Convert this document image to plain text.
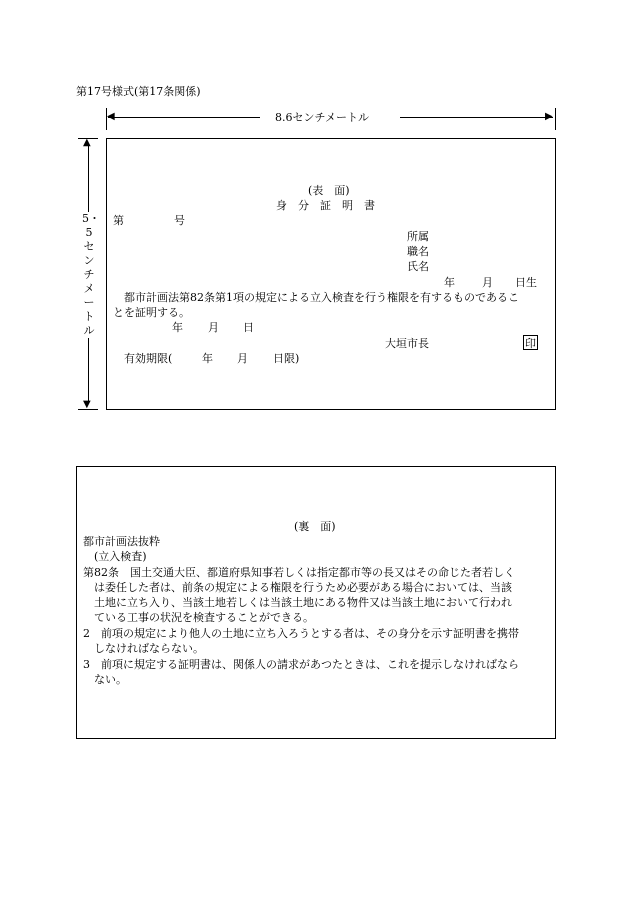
第17号様式(第17条関係)
◀	▶
8.6センチメートル
▲
▼
5・5センチメートル
(表　面)
身　分　証　明　書
第	号
所属
職名
氏名
年 月 日生
都市計画法第82条第1項の規定による立入検査を行う権限を有するものであるこ
とを証明する。
年 月 日
大垣市長	印
有効期限(	年 月 日限)
(裏　面)
都市計画法抜粋
(立入検査)
第82条　国土交通大臣、都道府県知事若しくは指定都市等の長又はその命じた者若しく
は委任した者は、前条の規定による権限を行うため必要がある場合においては、当該
土地に立ち入り、当該土地若しくは当該土地にある物件又は当該土地において行われ
ている工事の状況を検査することができる。
2　前項の規定により他人の土地に立ち入ろうとする者は、その身分を示す証明書を携帯
しなければならない。
3　前項に規定する証明書は、関係人の請求があつたときは、これを提示しなければなら
ない。
